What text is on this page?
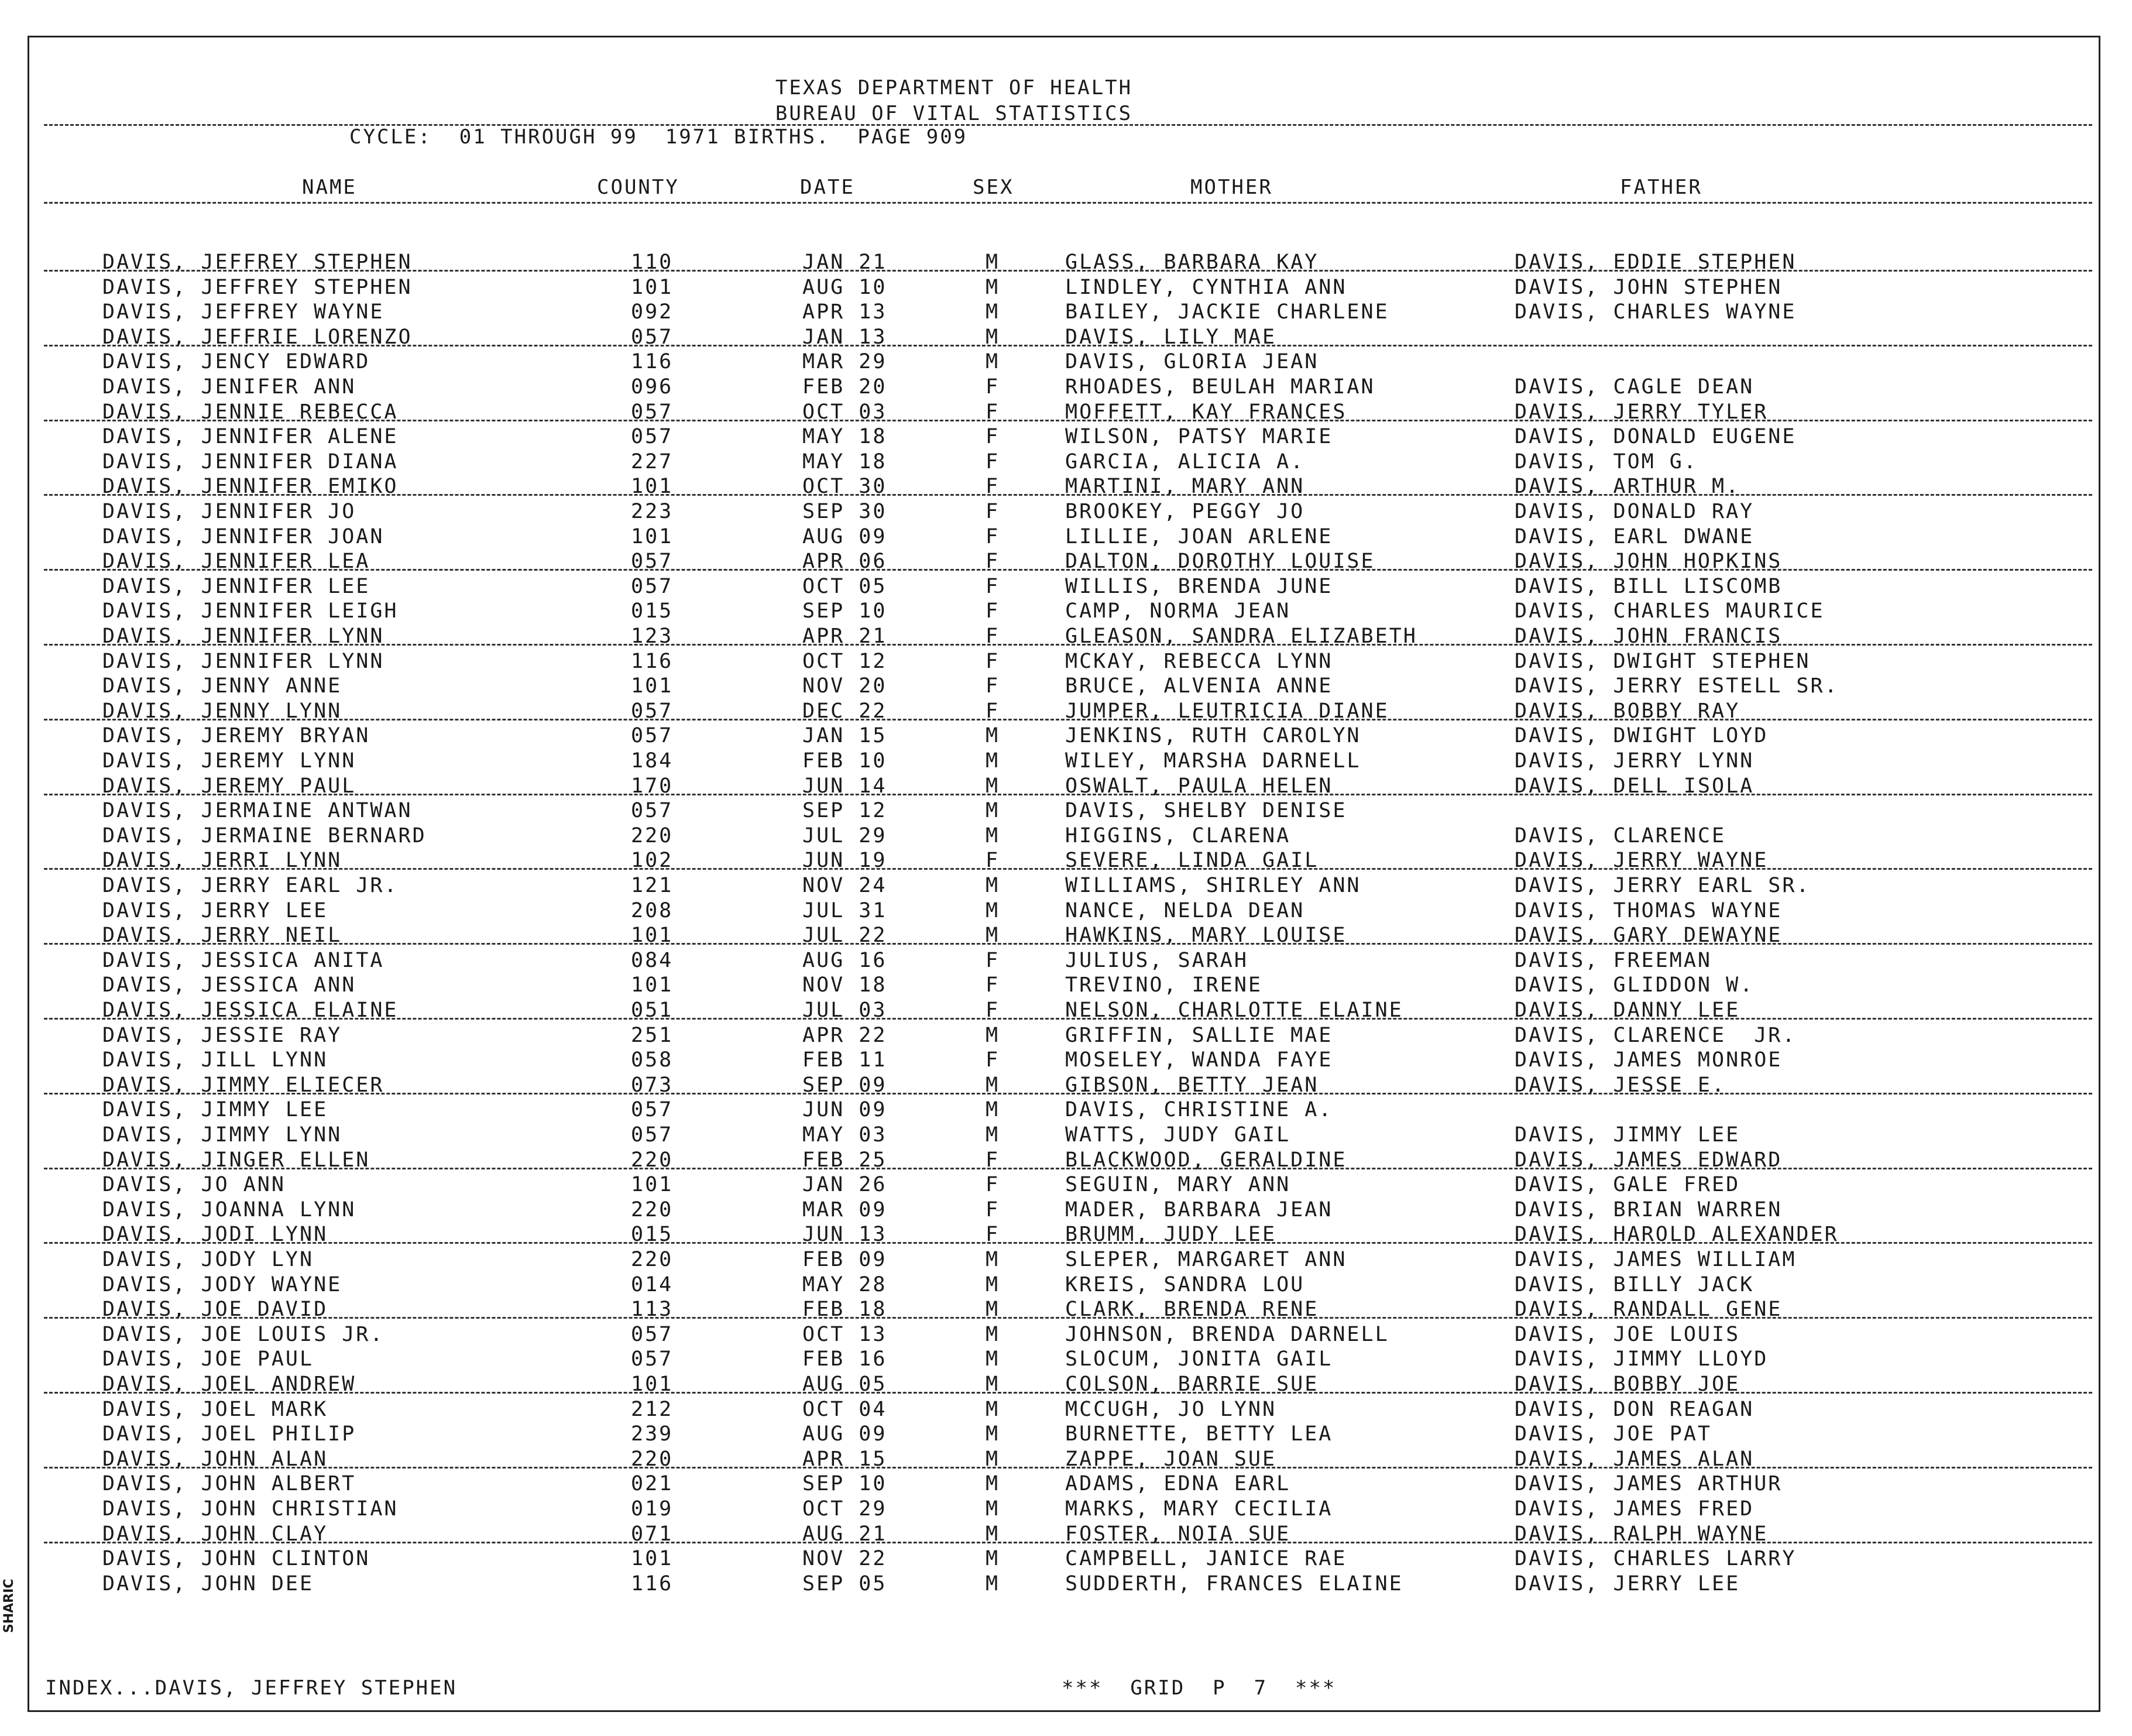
TEXAS DEPARTMENT OF HEALTH
BUREAU OF VITAL STATISTICS
CYCLE:  01 THROUGH 99  1971 BIRTHS.  PAGE 909
NAME	COUNTY	DATE	SEX	MOTHER	FATHER
DAVIS, JEFFREY STEPHEN	110	JAN 21	M	GLASS, BARBARA KAY	DAVIS, EDDIE STEPHEN
DAVIS, JEFFREY STEPHEN	101	AUG 10	M	LINDLEY, CYNTHIA ANN	DAVIS, JOHN STEPHEN
DAVIS, JEFFREY WAYNE	092	APR 13	M	BAILEY, JACKIE CHARLENE	DAVIS, CHARLES WAYNE
DAVIS, JEFFRIE LORENZO	057	JAN 13	M	DAVIS, LILY MAE
DAVIS, JENCY EDWARD	116	MAR 29	M	DAVIS, GLORIA JEAN
DAVIS, JENIFER ANN	096	FEB 20	F	RHOADES, BEULAH MARIAN	DAVIS, CAGLE DEAN
DAVIS, JENNIE REBECCA	057	OCT 03	F	MOFFETT, KAY FRANCES	DAVIS, JERRY TYLER
DAVIS, JENNIFER ALENE	057	MAY 18	F	WILSON, PATSY MARIE	DAVIS, DONALD EUGENE
DAVIS, JENNIFER DIANA	227	MAY 18	F	GARCIA, ALICIA A.	DAVIS, TOM G.
DAVIS, JENNIFER EMIKO	101	OCT 30	F	MARTINI, MARY ANN	DAVIS, ARTHUR M.
DAVIS, JENNIFER JO	223	SEP 30	F	BROOKEY, PEGGY JO	DAVIS, DONALD RAY
DAVIS, JENNIFER JOAN	101	AUG 09	F	LILLIE, JOAN ARLENE	DAVIS, EARL DWANE
DAVIS, JENNIFER LEA	057	APR 06	F	DALTON, DOROTHY LOUISE	DAVIS, JOHN HOPKINS
DAVIS, JENNIFER LEE	057	OCT 05	F	WILLIS, BRENDA JUNE	DAVIS, BILL LISCOMB
DAVIS, JENNIFER LEIGH	015	SEP 10	F	CAMP, NORMA JEAN	DAVIS, CHARLES MAURICE
DAVIS, JENNIFER LYNN	123	APR 21	F	GLEASON, SANDRA ELIZABETH	DAVIS, JOHN FRANCIS
DAVIS, JENNIFER LYNN	116	OCT 12	F	MCKAY, REBECCA LYNN	DAVIS, DWIGHT STEPHEN
DAVIS, JENNY ANNE	101	NOV 20	F	BRUCE, ALVENIA ANNE	DAVIS, JERRY ESTELL SR.
DAVIS, JENNY LYNN	057	DEC 22	F	JUMPER, LEUTRICIA DIANE	DAVIS, BOBBY RAY
DAVIS, JEREMY BRYAN	057	JAN 15	M	JENKINS, RUTH CAROLYN	DAVIS, DWIGHT LOYD
DAVIS, JEREMY LYNN	184	FEB 10	M	WILEY, MARSHA DARNELL	DAVIS, JERRY LYNN
DAVIS, JEREMY PAUL	170	JUN 14	M	OSWALT, PAULA HELEN	DAVIS, DELL ISOLA
DAVIS, JERMAINE ANTWAN	057	SEP 12	M	DAVIS, SHELBY DENISE
DAVIS, JERMAINE BERNARD	220	JUL 29	M	HIGGINS, CLARENA	DAVIS, CLARENCE
DAVIS, JERRI LYNN	102	JUN 19	F	SEVERE, LINDA GAIL	DAVIS, JERRY WAYNE
DAVIS, JERRY EARL JR.	121	NOV 24	M	WILLIAMS, SHIRLEY ANN	DAVIS, JERRY EARL SR.
DAVIS, JERRY LEE	208	JUL 31	M	NANCE, NELDA DEAN	DAVIS, THOMAS WAYNE
DAVIS, JERRY NEIL	101	JUL 22	M	HAWKINS, MARY LOUISE	DAVIS, GARY DEWAYNE
DAVIS, JESSICA ANITA	084	AUG 16	F	JULIUS, SARAH	DAVIS, FREEMAN
DAVIS, JESSICA ANN	101	NOV 18	F	TREVINO, IRENE	DAVIS, GLIDDON W.
DAVIS, JESSICA ELAINE	051	JUL 03	F	NELSON, CHARLOTTE ELAINE	DAVIS, DANNY LEE
DAVIS, JESSIE RAY	251	APR 22	M	GRIFFIN, SALLIE MAE	DAVIS, CLARENCE  JR.
DAVIS, JILL LYNN	058	FEB 11	F	MOSELEY, WANDA FAYE	DAVIS, JAMES MONROE
DAVIS, JIMMY ELIECER	073	SEP 09	M	GIBSON, BETTY JEAN	DAVIS, JESSE E.
DAVIS, JIMMY LEE	057	JUN 09	M	DAVIS, CHRISTINE A.
DAVIS, JIMMY LYNN	057	MAY 03	M	WATTS, JUDY GAIL	DAVIS, JIMMY LEE
DAVIS, JINGER ELLEN	220	FEB 25	F	BLACKWOOD, GERALDINE	DAVIS, JAMES EDWARD
DAVIS, JO ANN	101	JAN 26	F	SEGUIN, MARY ANN	DAVIS, GALE FRED
DAVIS, JOANNA LYNN	220	MAR 09	F	MADER, BARBARA JEAN	DAVIS, BRIAN WARREN
DAVIS, JODI LYNN	015	JUN 13	F	BRUMM, JUDY LEE	DAVIS, HAROLD ALEXANDER
DAVIS, JODY LYN	220	FEB 09	M	SLEPER, MARGARET ANN	DAVIS, JAMES WILLIAM
DAVIS, JODY WAYNE	014	MAY 28	M	KREIS, SANDRA LOU	DAVIS, BILLY JACK
DAVIS, JOE DAVID	113	FEB 18	M	CLARK, BRENDA RENE	DAVIS, RANDALL GENE
DAVIS, JOE LOUIS JR.	057	OCT 13	M	JOHNSON, BRENDA DARNELL	DAVIS, JOE LOUIS
DAVIS, JOE PAUL	057	FEB 16	M	SLOCUM, JONITA GAIL	DAVIS, JIMMY LLOYD
DAVIS, JOEL ANDREW	101	AUG 05	M	COLSON, BARRIE SUE	DAVIS, BOBBY JOE
DAVIS, JOEL MARK	212	OCT 04	M	MCCUGH, JO LYNN	DAVIS, DON REAGAN
DAVIS, JOEL PHILIP	239	AUG 09	M	BURNETTE, BETTY LEA	DAVIS, JOE PAT
DAVIS, JOHN ALAN	220	APR 15	M	ZAPPE, JOAN SUE	DAVIS, JAMES ALAN
DAVIS, JOHN ALBERT	021	SEP 10	M	ADAMS, EDNA EARL	DAVIS, JAMES ARTHUR
DAVIS, JOHN CHRISTIAN	019	OCT 29	M	MARKS, MARY CECILIA	DAVIS, JAMES FRED
DAVIS, JOHN CLAY	071	AUG 21	M	FOSTER, NOIA SUE	DAVIS, RALPH WAYNE
DAVIS, JOHN CLINTON	101	NOV 22	M	CAMPBELL, JANICE RAE	DAVIS, CHARLES LARRY
DAVIS, JOHN DEE	116	SEP 05	M	SUDDERTH, FRANCES ELAINE	DAVIS, JERRY LEE
INDEX...DAVIS, JEFFREY STEPHEN	***  GRID  P  7  ***
SHARIC
